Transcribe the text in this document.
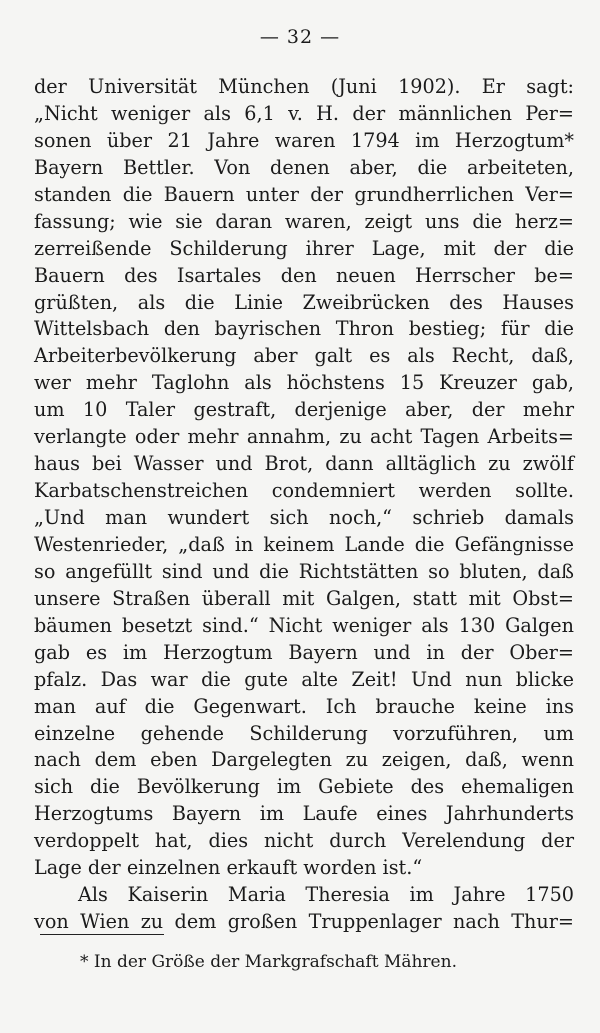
— 32 —
der Universität München (Juni 1902). Er sagt:
„Nicht weniger als 6,1 v. H. der männlichen Per=
sonen über 21 Jahre waren 1794 im Herzogtum*
Bayern Bettler. Von denen aber, die arbeiteten,
standen die Bauern unter der grundherrlichen Ver=
fassung; wie sie daran waren, zeigt uns die herz=
zerreißende Schilderung ihrer Lage, mit der die
Bauern des Isartales den neuen Herrscher be=
grüßten, als die Linie Zweibrücken des Hauses
Wittelsbach den bayrischen Thron bestieg; für die
Arbeiterbevölkerung aber galt es als Recht, daß,
wer mehr Taglohn als höchstens 15 Kreuzer gab,
um 10 Taler gestraft, derjenige aber, der mehr
verlangte oder mehr annahm, zu acht Tagen Arbeits=
haus bei Wasser und Brot, dann alltäglich zu zwölf
Karbatschenstreichen condemniert werden sollte.
„Und man wundert sich noch,“ schrieb damals
Westenrieder, „daß in keinem Lande die Gefängnisse
so angefüllt sind und die Richtstätten so bluten, daß
unsere Straßen überall mit Galgen, statt mit Obst=
bäumen besetzt sind.“ Nicht weniger als 130 Galgen
gab es im Herzogtum Bayern und in der Ober=
pfalz. Das war die gute alte Zeit! Und nun blicke
man auf die Gegenwart. Ich brauche keine ins
einzelne gehende Schilderung vorzuführen, um
nach dem eben Dargelegten zu zeigen, daß, wenn
sich die Bevölkerung im Gebiete des ehemaligen
Herzogtums Bayern im Laufe eines Jahrhunderts
verdoppelt hat, dies nicht durch Verelendung der
Lage der einzelnen erkauft worden ist.“
Als Kaiserin Maria Theresia im Jahre 1750
von Wien zu dem großen Truppenlager nach Thur=
* In der Größe der Markgrafschaft Mähren.
